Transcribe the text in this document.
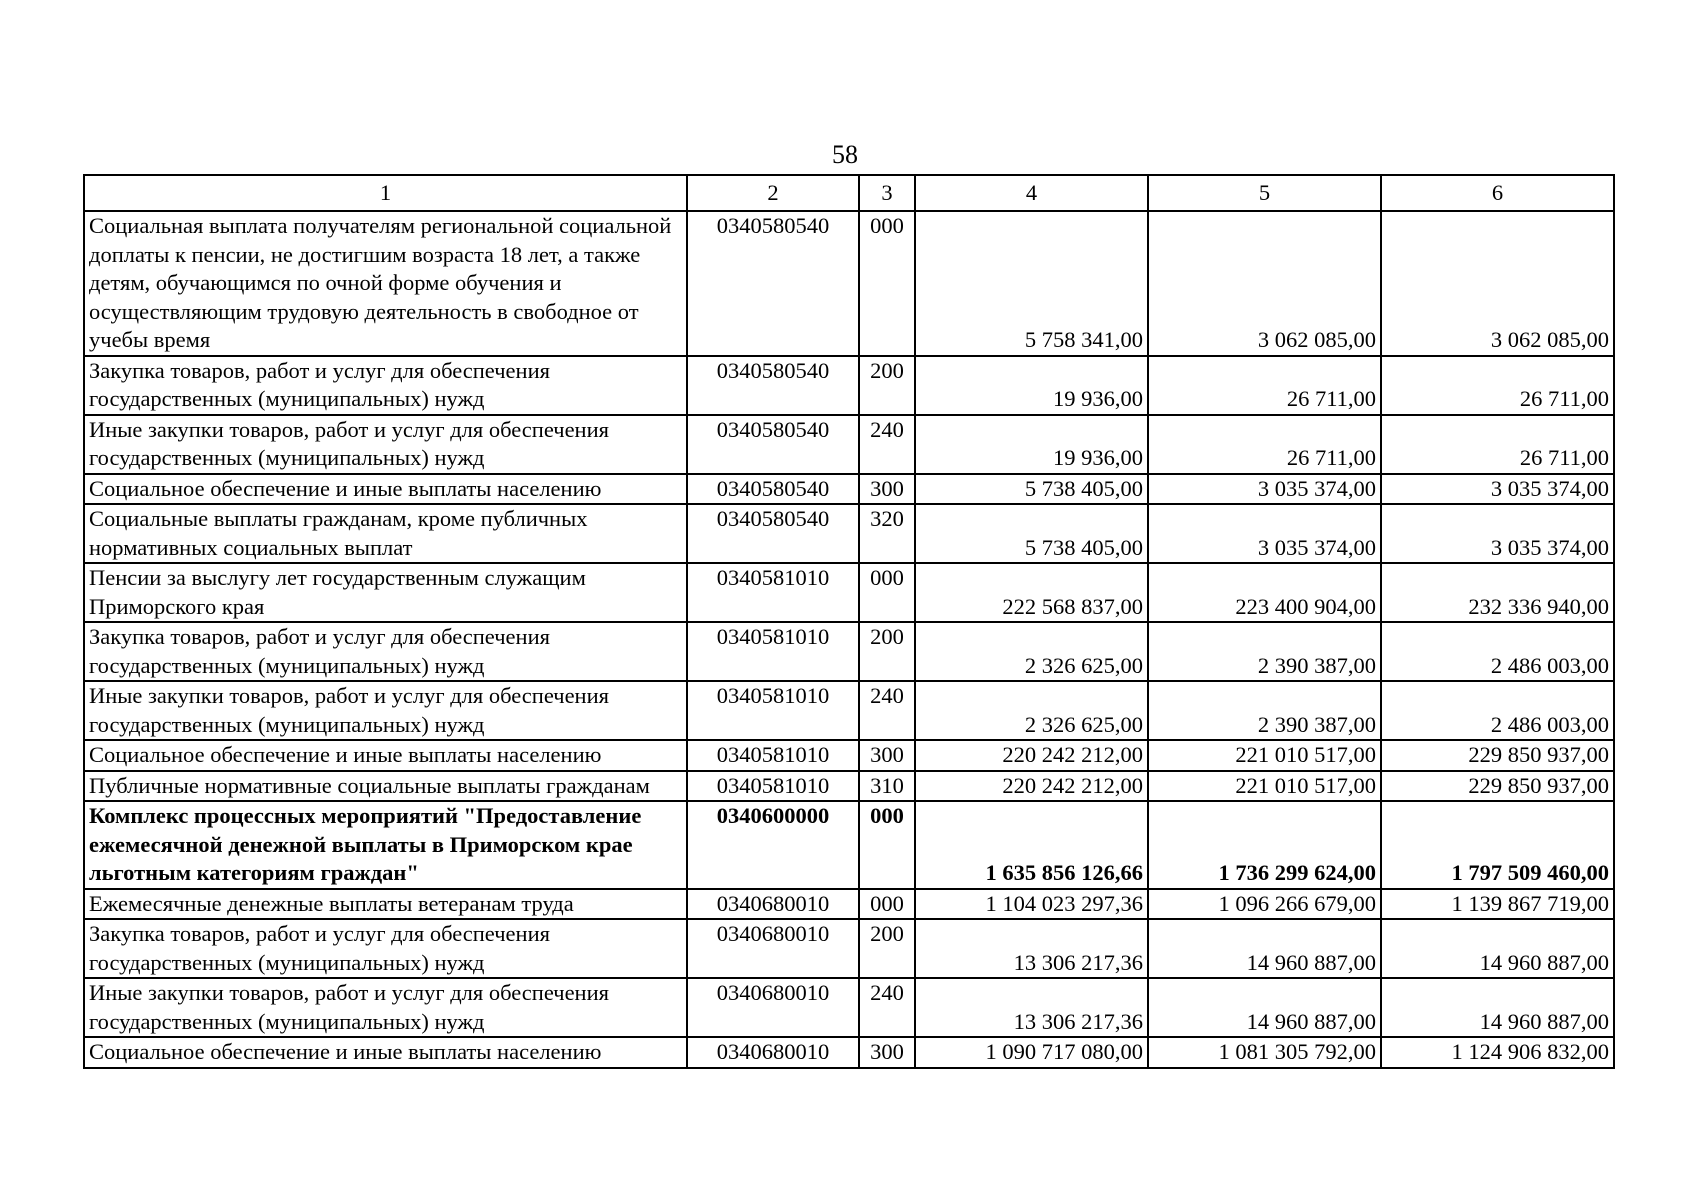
58
1	2	3	4	5	6
Социальная выплата получателям региональной социальной доплаты к пенсии, не достигшим возраста 18 лет, а также детям, обучающимся по очной форме обучения и осуществляющим трудовую деятельность в свободное от учебы время	0340580540	000	5 758 341,00	3 062 085,00	3 062 085,00
Закупка товаров, работ и услуг для обеспечения государственных (муниципальных) нужд	0340580540	200	19 936,00	26 711,00	26 711,00
Иные закупки товаров, работ и услуг для обеспечения государственных (муниципальных) нужд	0340580540	240	19 936,00	26 711,00	26 711,00
Социальное обеспечение и иные выплаты населению	0340580540	300	5 738 405,00	3 035 374,00	3 035 374,00
Социальные выплаты гражданам, кроме публичных нормативных социальных выплат	0340580540	320	5 738 405,00	3 035 374,00	3 035 374,00
Пенсии за выслугу лет государственным служащим Приморского края	0340581010	000	222 568 837,00	223 400 904,00	232 336 940,00
Закупка товаров, работ и услуг для обеспечения государственных (муниципальных) нужд	0340581010	200	2 326 625,00	2 390 387,00	2 486 003,00
Иные закупки товаров, работ и услуг для обеспечения государственных (муниципальных) нужд	0340581010	240	2 326 625,00	2 390 387,00	2 486 003,00
Социальное обеспечение и иные выплаты населению	0340581010	300	220 242 212,00	221 010 517,00	229 850 937,00
Публичные нормативные социальные выплаты гражданам	0340581010	310	220 242 212,00	221 010 517,00	229 850 937,00
Комплекс процессных мероприятий "Предоставление ежемесячной денежной выплаты в Приморском крае льготным категориям граждан"	0340600000	000	1 635 856 126,66	1 736 299 624,00	1 797 509 460,00
Ежемесячные денежные выплаты ветеранам труда	0340680010	000	1 104 023 297,36	1 096 266 679,00	1 139 867 719,00
Закупка товаров, работ и услуг для обеспечения государственных (муниципальных) нужд	0340680010	200	13 306 217,36	14 960 887,00	14 960 887,00
Иные закупки товаров, работ и услуг для обеспечения государственных (муниципальных) нужд	0340680010	240	13 306 217,36	14 960 887,00	14 960 887,00
Социальное обеспечение и иные выплаты населению	0340680010	300	1 090 717 080,00	1 081 305 792,00	1 124 906 832,00
